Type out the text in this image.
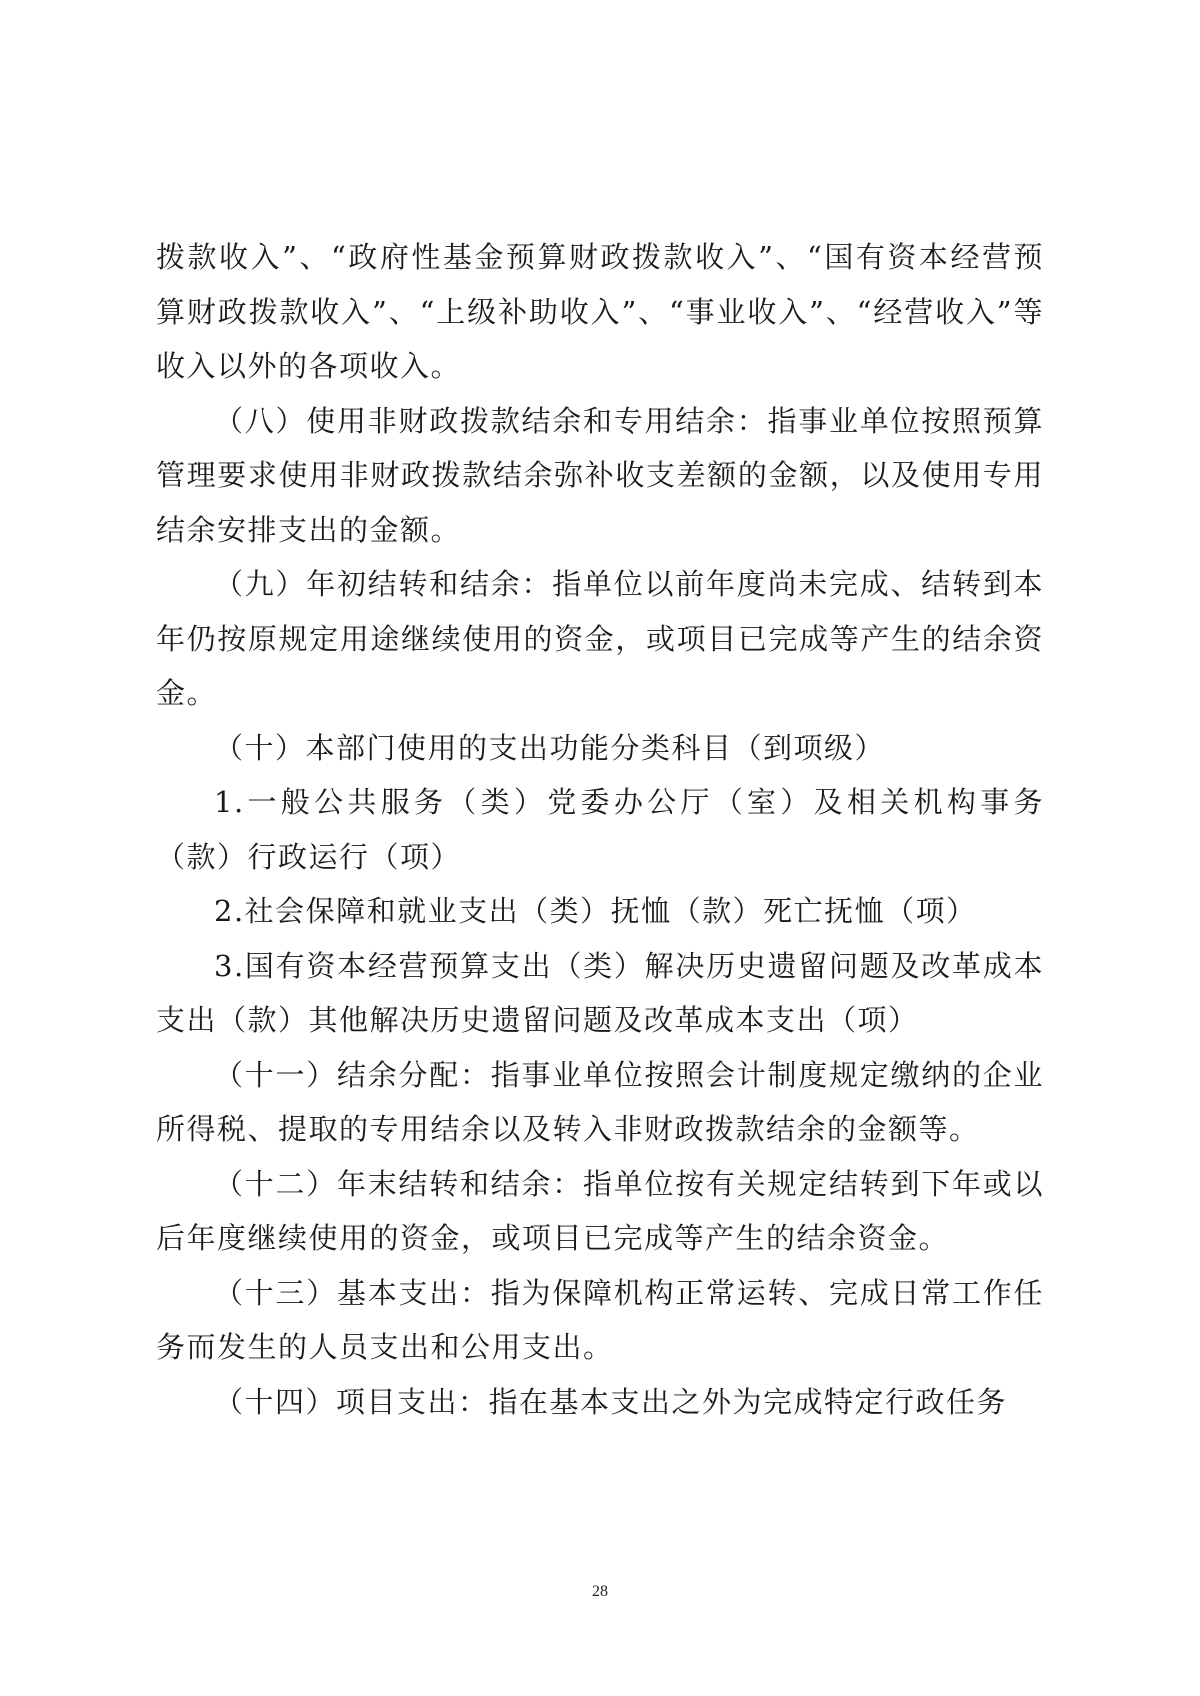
拨款收入”、“政府性基金预算财政拨款收入”、“国有资本经营预算财政拨款收入”、“上级补助收入”、“事业收入”、“经营收入”等收入以外的各项收入。

（八）使用非财政拨款结余和专用结余：指事业单位按照预算管理要求使用非财政拨款结余弥补收支差额的金额，以及使用专用结余安排支出的金额。

（九）年初结转和结余：指单位以前年度尚未完成、结转到本年仍按原规定用途继续使用的资金，或项目已完成等产生的结余资金。

（十）本部门使用的支出功能分类科目（到项级）

1.一般公共服务（类）党委办公厅（室）及相关机构事务（款）行政运行（项）

2.社会保障和就业支出（类）抚恤（款）死亡抚恤（项）

3.国有资本经营预算支出（类）解决历史遗留问题及改革成本支出（款）其他解决历史遗留问题及改革成本支出（项）

（十一）结余分配：指事业单位按照会计制度规定缴纳的企业所得税、提取的专用结余以及转入非财政拨款结余的金额等。

（十二）年末结转和结余：指单位按有关规定结转到下年或以后年度继续使用的资金，或项目已完成等产生的结余资金。

（十三）基本支出：指为保障机构正常运转、完成日常工作任务而发生的人员支出和公用支出。

（十四）项目支出：指在基本支出之外为完成特定行政任务

28
